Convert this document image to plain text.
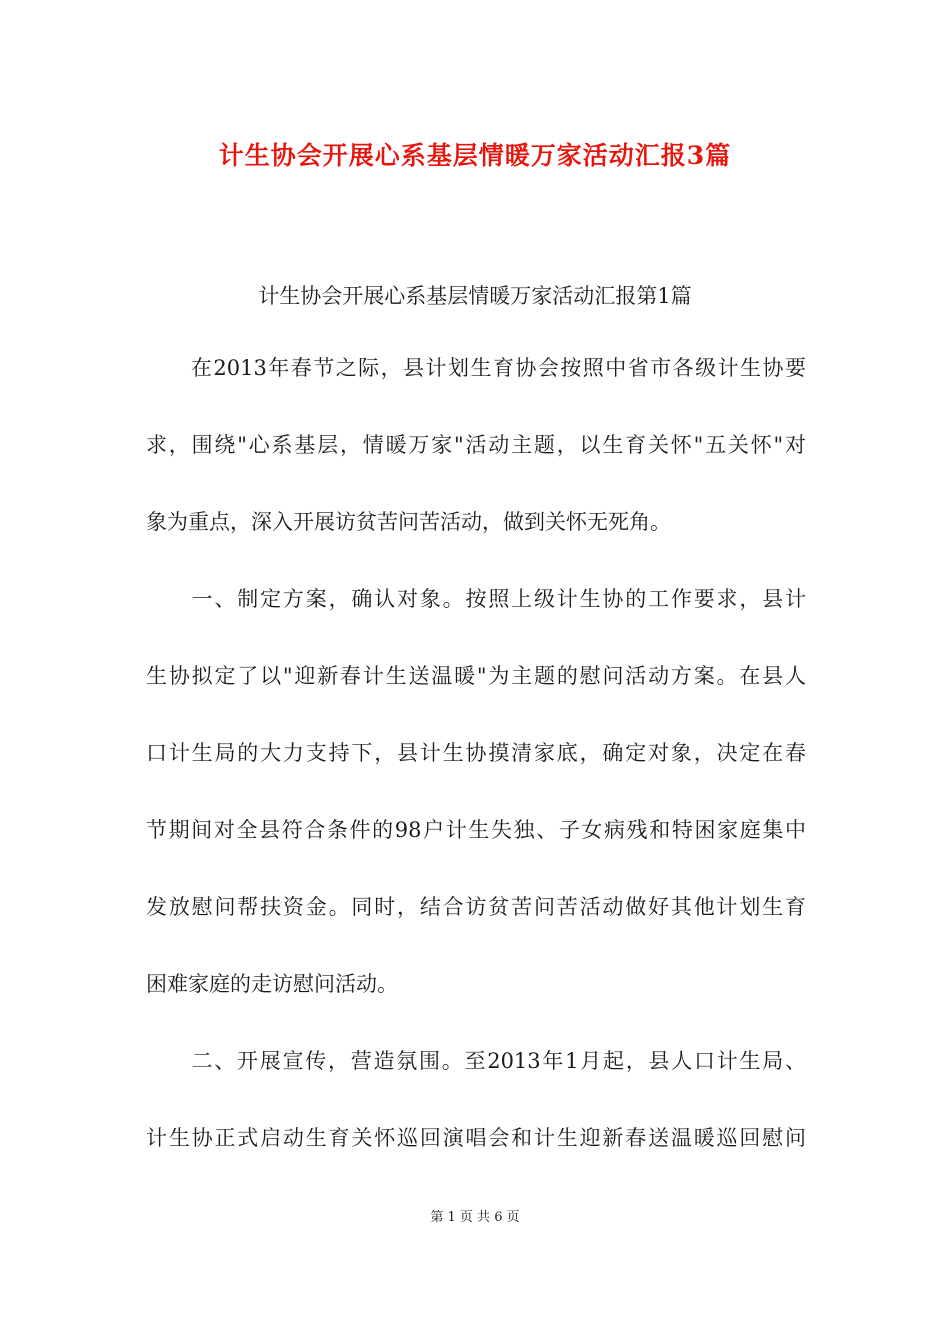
计生协会开展心系基层情暖万家活动汇报3篇
计生协会开展心系基层情暖万家活动汇报第1篇
　　在2013年春节之际，县计划生育协会按照中省市各级计生协要
求，围绕"心系基层，情暖万家"活动主题，以生育关怀"五关怀"对
象为重点，深入开展访贫苦问苦活动，做到关怀无死角。
　　一、制定方案，确认对象。按照上级计生协的工作要求，县计
生协拟定了以"迎新春计生送温暖"为主题的慰问活动方案。在县人
口计生局的大力支持下，县计生协摸清家底，确定对象，决定在春
节期间对全县符合条件的98户计生失独、子女病残和特困家庭集中
发放慰问帮扶资金。同时，结合访贫苦问苦活动做好其他计划生育
困难家庭的走访慰问活动。
　　二、开展宣传，营造氛围。至2013年1月起，县人口计生局、
计生协正式启动生育关怀巡回演唱会和计生迎新春送温暖巡回慰问
第 1 页 共 6 页
